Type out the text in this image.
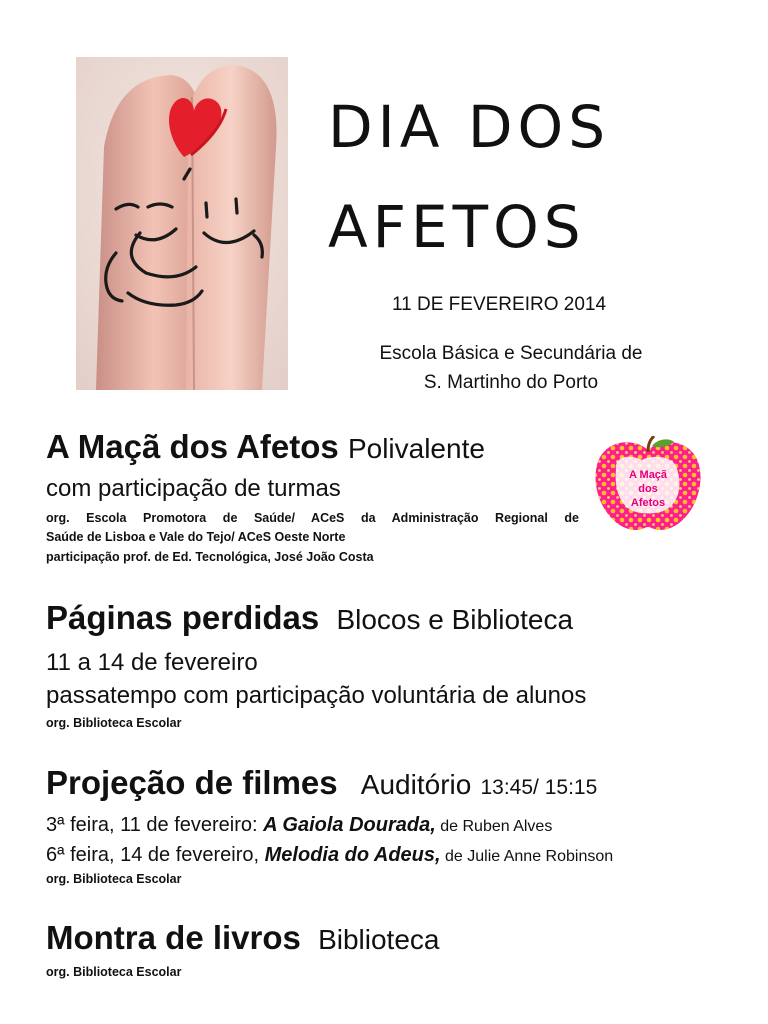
DIA DOS
AFETOS
11 DE FEVEREIRO 2014
Escola Básica e Secundária de
S. Martinho do Porto
A Maçã dos Afetos Polivalente
com participação de turmas
org. Escola Promotora de Saúde/ ACeS da Administração Regional de
Saúde de Lisboa e Vale do Tejo/ ACeS Oeste Norte
participação prof. de Ed. Tecnológica, José João Costa
A Maçã
dos
Afetos
Páginas perdidas Blocos e Biblioteca
11 a 14 de fevereiro
passatempo com participação voluntária de alunos
org. Biblioteca Escolar
Projeção de filmes Auditório 13:45/ 15:15
3ª feira, 11 de fevereiro: A Gaiola Dourada, de Ruben Alves
6ª feira, 14 de fevereiro, Melodia do Adeus, de Julie Anne Robinson
org. Biblioteca Escolar
Montra de livros Biblioteca
org. Biblioteca Escolar
